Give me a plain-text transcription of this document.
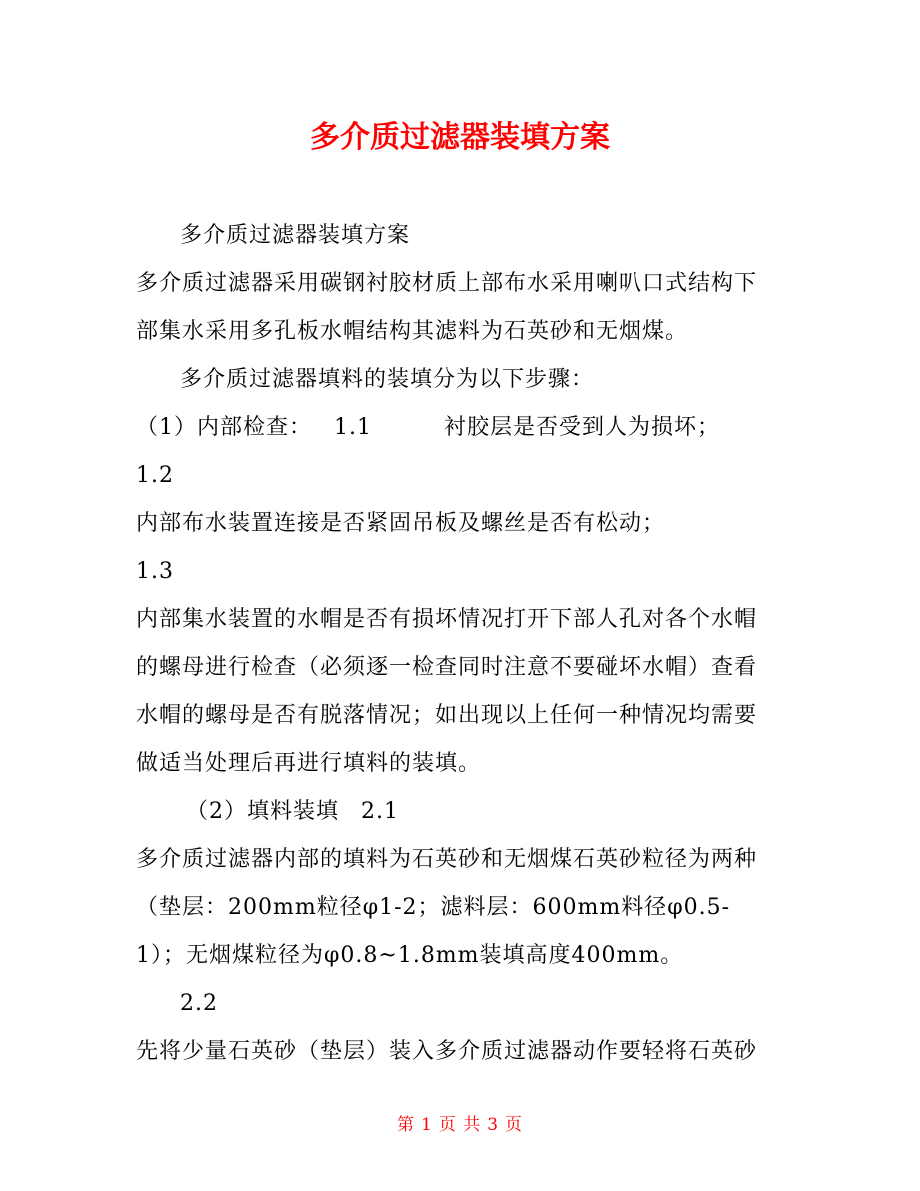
多介质过滤器装填方案
多介质过滤器装填方案
多介质过滤器采用碳钢衬胶材质上部布水采用喇叭口式结构下
部集水采用多孔板水帽结构其滤料为石英砂和无烟煤。
多介质过滤器填料的装填分为以下步骤：
（1）内部检查： 1.1	衬胶层是否受到人为损坏；
1.2
内部布水装置连接是否紧固吊板及螺丝是否有松动；
1.3
内部集水装置的水帽是否有损坏情况打开下部人孔对各个水帽
的螺母进行检查（必须逐一检查同时注意不要碰坏水帽）查看
水帽的螺母是否有脱落情况；如出现以上任何一种情况均需要
做适当处理后再进行填料的装填。
（2）填料装填 2.1
多介质过滤器内部的填料为石英砂和无烟煤石英砂粒径为两种
（垫层：200mm粒径φ1-2；滤料层：600mm料径φ0.5-
1）；无烟煤粒径为φ0.8~1.8mm装填高度400mm。
2.2
先将少量石英砂（垫层）装入多介质过滤器动作要轻将石英砂
第 1 页 共 3 页
